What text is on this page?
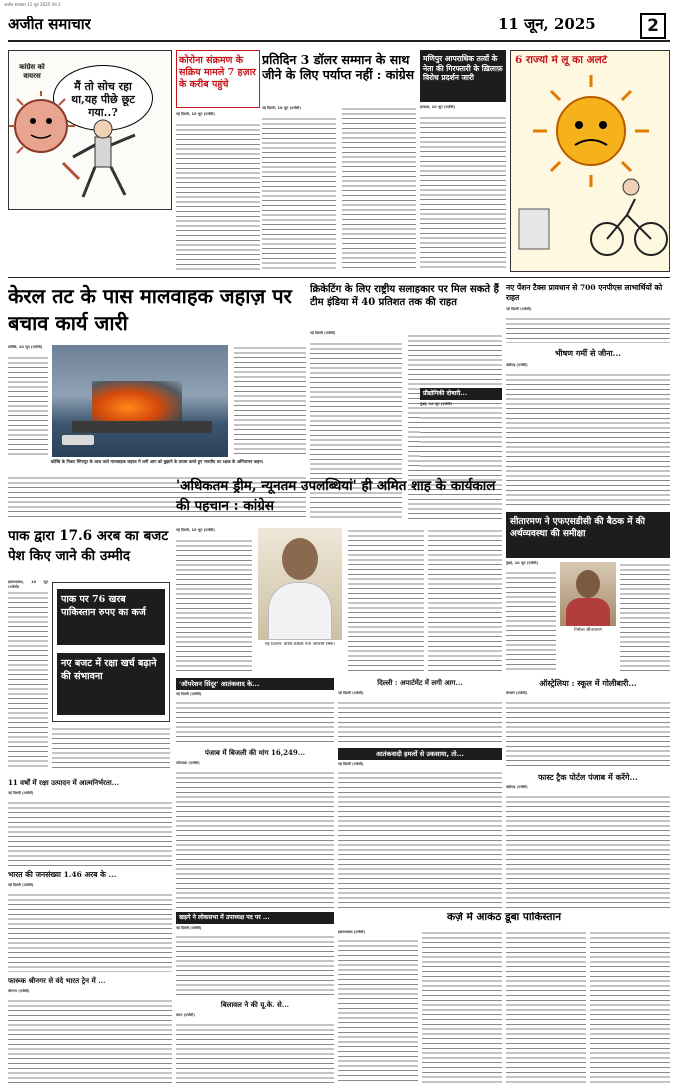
अजीत समाचार 11 जून 2025 पेज 2
अजीत समाचार	11 जून, 2025	2
कांग्रेस को वायरस
मैं तो सोच रहा था,यह पीछे छूट गया..?
कोरोना संक्रमण के सक्रिय मामले 7 हज़ार के करीब पहुंचे
नई दिल्ली, 10 जून (एजेंसी)
प्रतिदिन 3 डॉलर सम्मान के साथ जीने के लिए पर्याप्त नहीं : कांग्रेस
नई दिल्ली, 10 जून (एजेंसी)
मणिपुर आपराधिक तत्वों के नेता की गिरफ्तारी के ख़िलाफ़ विरोध प्रदर्शन जारी
इम्फाल, 10 जून (एजेंसी)
6 राज्यों में लू का अलर्ट
केरल तट के पास मालवाहक जहाज़ पर बचाव कार्य जारी
कोच्चि, 10 जून (एजेंसी)
कोच्चि के निकट सिंगापुर के ध्वज वाले मालवाहक जहाज़ में लगी आग को बुझाने के प्रयास करते हुए भारतीय तट रक्षक के अग्निशमन वाहन।
क्रिकेटिंग के लिए राष्ट्रीय सलाहकार पर मिल सकते हैं टीम इंडिया में 40 प्रतिशत तक की राहत
नई दिल्ली (एजेंसी)
नए पेंशन टैक्स प्रावधान से 700 एनपीएस लाभार्थियों को राहत
नई दिल्ली (एजेंसी)
भीषण गर्मी से जीना...
चंडीगढ़ (एजेंसी)
सीतारमण ने एफएसडीसी की बैठक में की अर्थव्यवस्था की समीक्षा
मुंबई, 10 जून (एजेंसी)
निर्मला सीतारमण
पाक द्वारा 17.6 अरब का बजट पेश किए जाने की उम्मीद
इस्लामाबाद, 10 जून (एजेंसी)
पाक पर 76 खरब पाकिस्तान रुपए का कर्ज
नए बजट में रक्षा खर्च बढ़ाने की संभावना
'अधिकतम ड्रीम, न्यूनतम उपलब्धियां' ही अमित शाह के कार्यकाल की पहचान : कांग्रेस
नई दिल्ली, 10 जून (एजेंसी)
नई दिल्ली: वरिष्ठ कांग्रेस नेता जयराम रमेश।
प्रौद्योगिकी दोषारी...
मुंबई, 10 जून (एजेंसी)
ऑस्ट्रेलिया : स्कूल में गोलीबारी...
मेलबर्न (एजेंसी)
फास्ट ट्रैक पोर्टल पंजाब में करेंगे...
चंडीगढ़ (एजेंसी)
11 वर्षों में रक्षा उत्पादन में आत्मनिर्भरता...
नई दिल्ली (एजेंसी)
भारत की जनसंख्या 1.46 अरब के ...
नई दिल्ली (एजेंसी)
फारूक श्रीनगर से वंदे भारत ट्रेन में ...
श्रीनगर (एजेंसी)
'ऑपरेशन सिंदूर' आतंकवाद के...
नई दिल्ली (एजेंसी)
दिल्ली : अपार्टमेंट में लगी आग...
नई दिल्ली (एजेंसी)
पंजाब में बिजली की मांग 16,249...
पटियाला (एजेंसी)
आतंकवादी हमलों से उकसाया, तो...
नई दिल्ली (एजेंसी)
खड़गे ने लोकसभा में उपाध्यक्ष पद पर ...
नई दिल्ली (एजेंसी)
बिलावल ने की यू.के. से...
लंदन (एजेंसी)
कर्ज़ में आकंठ डूबा पाकिस्तान
इस्लामाबाद (एजेंसी)
